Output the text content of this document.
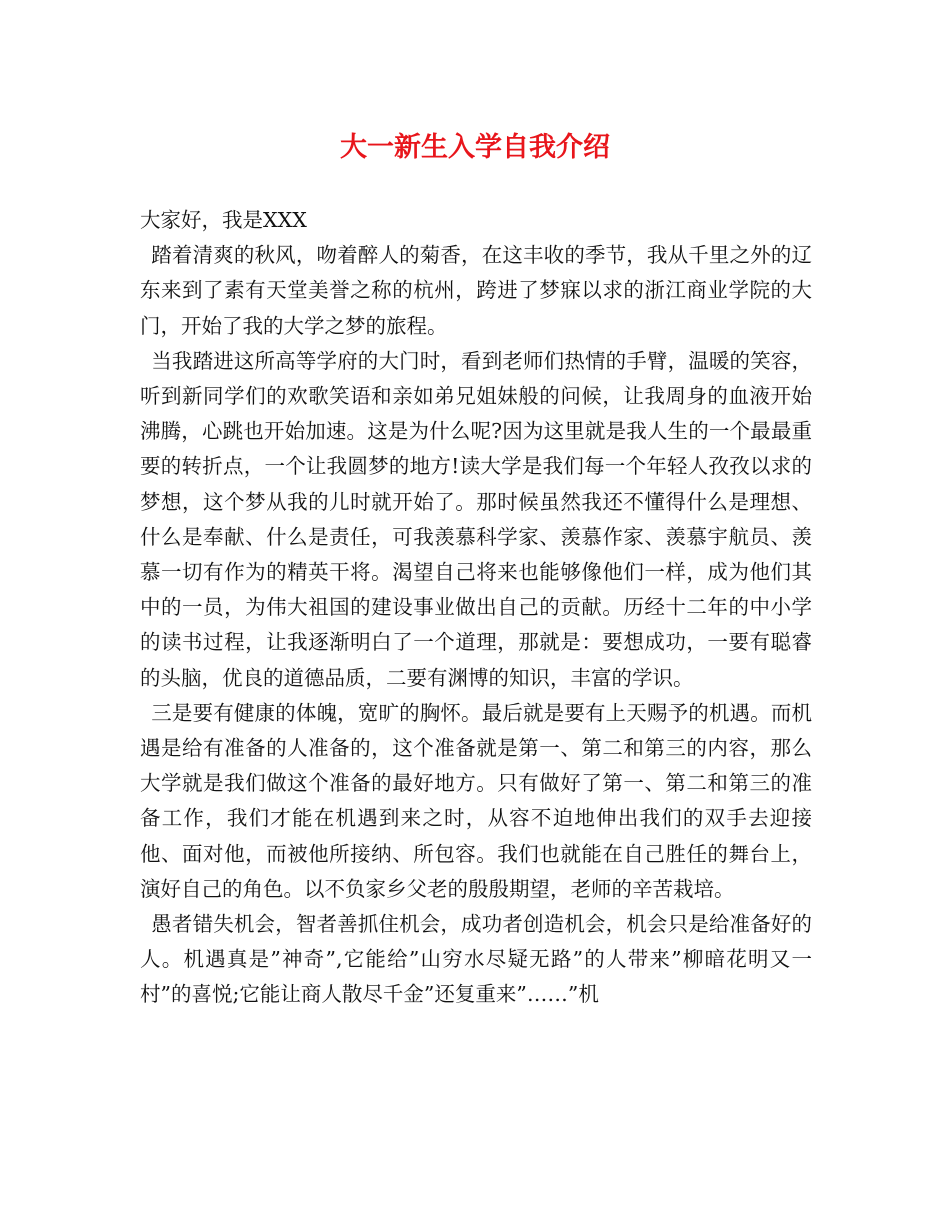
大一新生入学自我介绍

大家好，我是XXX

踏着清爽的秋风，吻着醉人的菊香，在这丰收的季节，我从千里之外的辽东来到了素有天堂美誉之称的杭州，跨进了梦寐以求的浙江商业学院的大门，开始了我的大学之梦的旅程。

当我踏进这所高等学府的大门时，看到老师们热情的手臂，温暖的笑容，听到新同学们的欢歌笑语和亲如弟兄姐妹般的问候，让我周身的血液开始沸腾，心跳也开始加速。这是为什么呢?因为这里就是我人生的一个最最重要的转折点，一个让我圆梦的地方!读大学是我们每一个年轻人孜孜以求的梦想，这个梦从我的儿时就开始了。那时候虽然我还不懂得什么是理想、什么是奉献、什么是责任，可我羡慕科学家、羡慕作家、羡慕宇航员、羡慕一切有作为的精英干将。渴望自己将来也能够像他们一样，成为他们其中的一员，为伟大祖国的建设事业做出自己的贡献。历经十二年的中小学的读书过程，让我逐渐明白了一个道理，那就是：要想成功，一要有聪睿的头脑，优良的道德品质，二要有渊博的知识，丰富的学识。

三是要有健康的体魄，宽旷的胸怀。最后就是要有上天赐予的机遇。而机遇是给有准备的人准备的，这个准备就是第一、第二和第三的内容，那么大学就是我们做这个准备的最好地方。只有做好了第一、第二和第三的准备工作，我们才能在机遇到来之时，从容不迫地伸出我们的双手去迎接他、面对他，而被他所接纳、所包容。我们也就能在自己胜任的舞台上，演好自己的角色。以不负家乡父老的殷殷期望，老师的辛苦栽培。

愚者错失机会，智者善抓住机会，成功者创造机会，机会只是给准备好的人。机遇真是”神奇”,它能给”山穷水尽疑无路”的人带来”柳暗花明又一村”的喜悦;它能让商人散尽千金”还复重来”……”机
